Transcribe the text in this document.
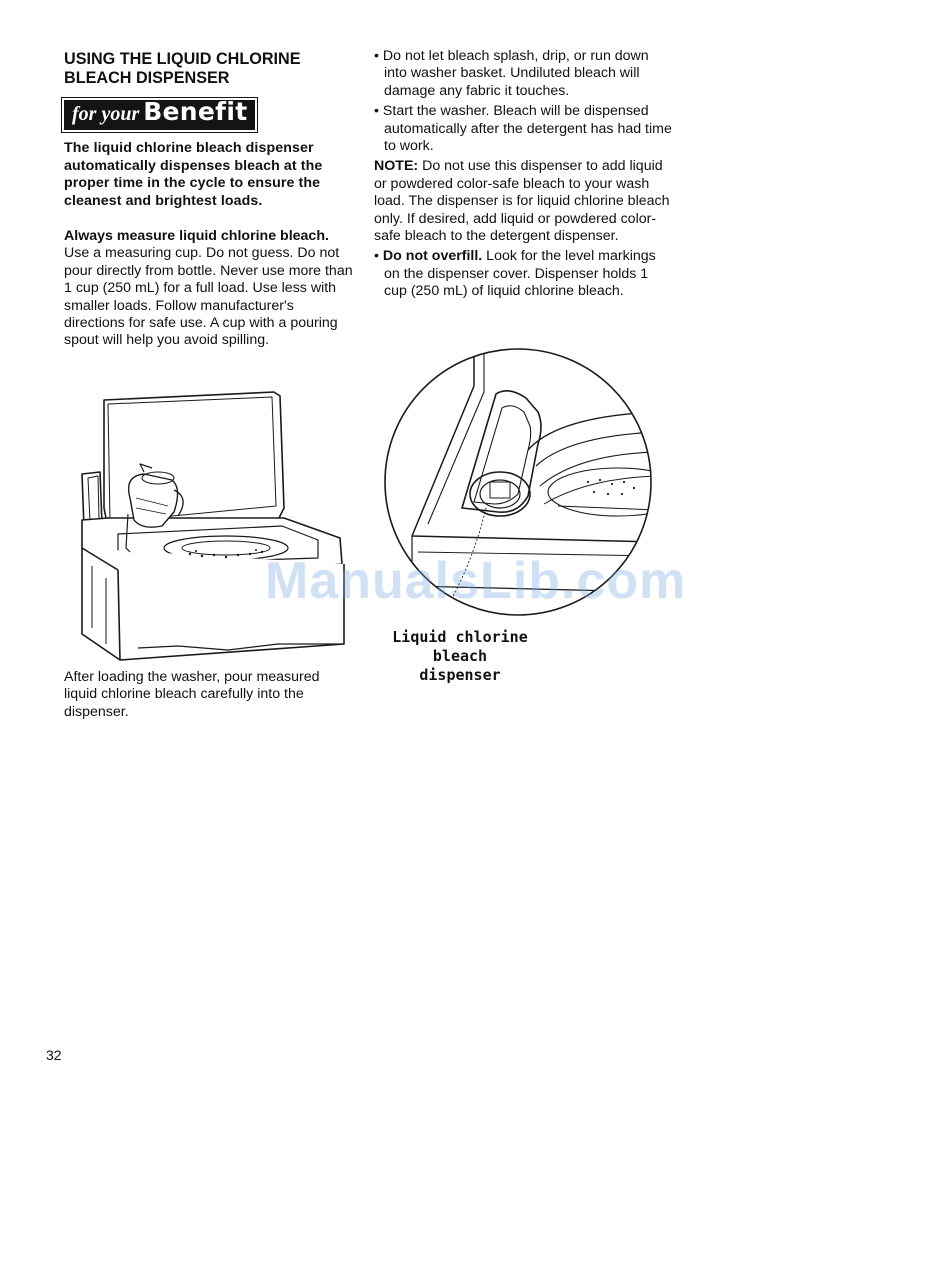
USING THE LIQUID CHLORINE

BLEACH DISPENSER

for your Benefit

The liquid chlorine bleach dispenser automatically dispenses bleach at the proper time in the cycle to ensure the cleanest and brightest loads.

Always measure liquid chlorine bleach. Use a measuring cup. Do not guess. Do not pour directly from bottle. Never use more than 1 cup (250 mL) for a full load. Use less with smaller loads. Follow manufacturer's directions for safe use. A cup with a pouring spout will help you avoid spilling.

After loading the washer, pour measured liquid chlorine bleach carefully into the dispenser.

• Do not let bleach splash, drip, or run down into washer basket. Undiluted bleach will damage any fabric it touches.

• Start the washer. Bleach will be dispensed automatically after the detergent has had time to work.

NOTE: Do not use this dispenser to add liquid or powdered color-safe bleach to your wash load. The dispenser is for liquid chlorine bleach only. If desired, add liquid or powdered color-safe bleach to the detergent dispenser.

• Do not overfill. Look for the level markings on the dispenser cover. Dispenser holds 1 cup (250 mL) of liquid chlorine bleach.

Liquid chlorine
bleach dispenser
ManualsLib.com
32
